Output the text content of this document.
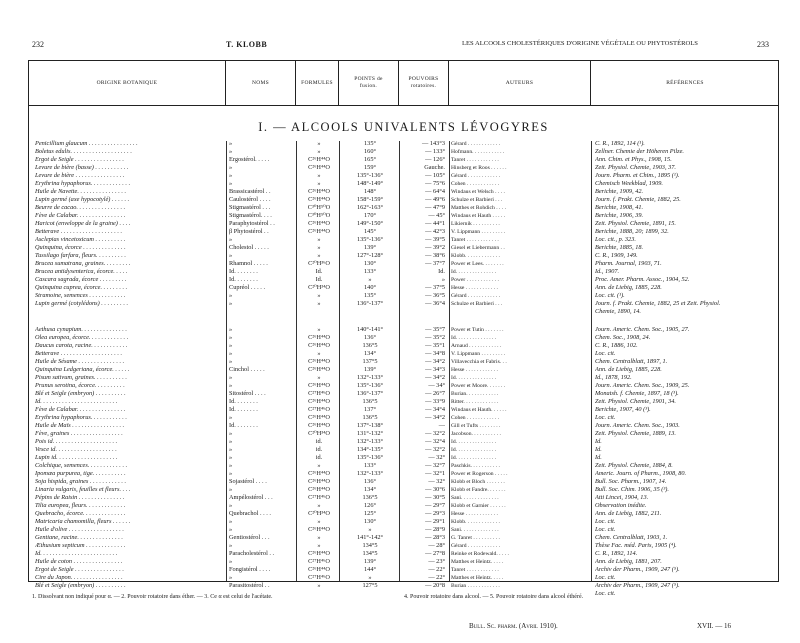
232	T. KLOBB	LES ALCOOLS CHOLESTÉRIQUES D'ORIGINE VÉGÉTALE OU PHYTOSTÉROLS	233
ORIGINE BOTANIQUE	NOMS	FORMULES
POINTS de fusion.
POUVOIRS rotatoires.
AUTEURS	RÉFÉRENCES
I. — ALCOOLS UNIVALENTS LÉVOGYRES
Penicillium glaucum . . . . . . . . . . . . . . . .	»	»	135°	— 143°3 Gérard . . . . . . . . . . . .	C. R., 1892, 114 (¹).
Boletus edulis. . . . . . . . . . . . . . . . . . . .	»	»	160°	— 133° Hofmann. . . . . . . . . . . .	Zellner. Chemie der Höheren Pilze.
Ergot de Seigle . . . . . . . . . . . . . . . .	Ergostérol. . . . .	C²⁶H⁴⁴O	165°	— 126° Tanret . . . . . . . . . . . .	Ann. Chim. et Phys., 1908, 15.
Levure de bière (basse) . . . . . . . . . . .	»	C²⁶H⁴⁴O	159°	Gauche. Hinsberg et Roos . . . . . .	Zeit. Physiol. Chemie, 1903, 37.
Levure de bière . . . . . . . . . . . . . . . .	»	»	135°-136°	— 105° Gérard . . . . . . . . . . . .	Journ. Pharm. et Chim., 1895 (¹).
Erythrina hypaphorus. . . . . . . . . . . . .	»	»	148°-149°	— 75°6 Cohen . . . . . . . . . . . .	Chemisch Weekblad, 1909.
Huile de Navette. . . . . . . . . . . . . . . .	Brassicastérol . .	C²⁶H⁴⁴O	148°	— 64°4 Windaus et Welsch . . . .	Berichte, 1909, 42.
Lupin germé (axe hypocotylé) . . . . . .	Caulostérol . . . .	C²⁶H⁴⁴O	158°-159°	— 49°6 Schulze et Barbieri . . .	Journ. f. Prakt. Chemie, 1882, 25.
Beurre de cacao. . . . . . . . . . . . . . . .	Stigmastérol . . .	C³⁰H⁵⁰O	162°-163°	— 47°9 Matthes et Rohdich . . . .	Berichte, 1908, 41.
Fève de Calabar. . . . . . . . . . . . . . . .	Stigmastérol. . . .	C³⁰H⁵⁰O	170°	— 45° Windaus et Hauth . . . . .	Berichte, 1906, 39.
Haricot (enveloppe de la graine) . . . .	Paraphytostérol . .	C²⁶H⁴⁴O	149°-150°	— 44°1 Likiernik . . . . . . . . . .	Zeit. Physiol. Chemie, 1891, 15.
Betterave . . . . . . . . . . . . . . . . . . . .	β Phytostérol . .	C²⁶H⁴⁴O	145°	— 42°3 V. Lippmann . . . . . . . . .	Berichte, 1888, 20; 1899, 32.
Asclepias vincetoxicum . . . . . . . . . .	»	»	135°-136°	— 39°5 Tanret . . . . . . . . . . . .	Loc. cit., p. 323.
Quinquina, écorce . . . . . . . . . . . . . .	Cholestol . . . . .	»	139°	— 39°2 Giesel et Liebermann . .	Berichte, 1885, 18.
Tussilago farfara, fleurs. . . . . . . . . .	»	»	127°-128°	— 38°6 Klobb. . . . . . . . . . . . .	C. R., 1909, 149.
Brucea sumatrana, graines. . . . . . . . .	Rhamnol . . . . .	C²⁰H³⁶O	130°	— 37°7 Power et Lees. . . . . . . .	Pharm. Journal, 1903, 71.
Brucea antidysenterica, écorce. . . . .	Id. . . . . . . .	Id.	133°	Id. Id. . . . . . . . . . . . . . .	Id., 1907.
Cascara sagrada, écorce . . . . . . . . .	Id. . . . . . . .	Id.	»	» Power . . . . . . . . . . . .	Proc. Amer. Pharm. Assoc., 1904, 52.
Quinquina cuprea, écorce. . . . . . . . .	Cupréol . . . . .	C²⁰H³⁴O	140°	— 37°5 Hesse . . . . . . . . . . . .	Ann. de Liebig, 1885, 228.
Stramoine, semences . . . . . . . . . . . .	»	»	135°	— 36°5 Gérard . . . . . . . . . . . .	Loc. cit. (¹).
Lupin germé (cotylédons) . . . . . . . . .	»	»	136°-137°	— 36°4 Schulze et Barbieri . . .	Journ. f. Prakt. Chemie, 1882, 25 et Zeit. Physiol.
Chemie, 1890, 14.
Aethusa cynapium. . . . . . . . . . . . . . .	»	»	140°-141°	— 35°7 Power et Tutin . . . . . . .	Journ. Americ. Chem. Soc., 1905, 27.
Olea europea, écorce. . . . . . . . . . . . .	»	C²⁶H⁴⁴O	136°	— 35°2 Id. . . . . . . . . . . . . . .	Chem. Soc., 1908, 24.
Daucus carota, racine. . . . . . . . . . . .	»	C²⁶H⁴⁴O	136°5	— 35°1 Arnaud . . . . . . . . . . . .	C. R., 1886, 102.
Betterave . . . . . . . . . . . . . . . . . . . .	»	»	134°	— 34°8 V. Lippmann . . . . . . . . .	Loc. cit.
Huile de Sésame . . . . . . . . . . . . . . .	»	C²⁶H⁴⁴O	137°5	— 34°2 Villavecchia et Fabris. . .	Chem. Centralblatt, 1897, 1.
Quinquina Ledgeriana, écorce. . . . . .	Cinchol . . . . .	C²⁶H⁴⁴O	139°	— 34°3 Hesse . . . . . . . . . . . .	Ann. de Liebig, 1885, 228.
Pisum sativum, graines. . . . . . . . . . .	»	»	132°-133°	— 34°2 Id. . . . . . . . . . . . . . .	Id., 1878, 192.
Prunus serotina, écorce. . . . . . . . . .	»	C²⁶H⁴⁴O	135°-136°	— 34° Power et Moore. . . . . . .	Journ. Americ. Chem. Soc., 1909, 25.
Blé et Seigle (embryon) . . . . . . . . . .	Sitostérol . . . .	C²⁷H⁴⁶O	136°-137°	— 26°7 Burian. . . . . . . . . . . .	Monatsh. f. Chemie, 1897, 18 (³).
Id. . . . . . . . . . . . . . . . . . . . . . . . .	Id. . . . . . . .	C²⁶H⁴⁴O	136°5	— 33°9 Ritter. . . . . . . . . . . . .	Zeit. Physiol. Chemie, 1901, 34.
Fève de Calabar. . . . . . . . . . . . . . . .	Id. . . . . . . .	C²⁷H⁴⁶O	137°	— 34°4 Windaus et Hauth. . . . . .	Berichte, 1907, 40 (³).
Erythrina hypaphorus. . . . . . . . . . . .	»	C²⁶H⁴⁴O	136°5	— 34°2 Cohen . . . . . . . . . . . .	Loc. cit.
Huile de Maïs . . . . . . . . . . . . . . . . .	Id. . . . . . . .	C²⁶H⁴⁴O	137°-138°	— Gill et Tufts . . . . . . . .	Journ. Americ. Chem. Soc., 1903.
Fève, graines . . . . . . . . . . . . . . . . .	»	C²⁰H³⁴O	131°-132°	— 32°2 Jacobson. . . . . . . . . . .	Zeit. Physiol. Chemie, 1889, 13.
Pois id. . . . . . . . . . . . . . . . . . . . .	»	id.	132°-133°	— 32°4 Id. . . . . . . . . . . . . . .	Id.
Vesce id. . . . . . . . . . . . . . . . . . . .	»	id.	134°-135°	— 32°2 Id. . . . . . . . . . . . . . .	Id.
Lupin id. . . . . . . . . . . . . . . . . . . .	»	id.	135°-136°	— 32° Id. . . . . . . . . . . . . . .	Id.
Colchique, semences. . . . . . . . . . . . .	»	»	133°	— 32°7 Paschkis. . . . . . . . . . .	Zeit. Physiol. Chemie, 1884, 8.
Ipomæa purpurea, tige. . . . . . . . . . .	»	C²⁶H⁴⁴O	132°-133°	— 32°1 Power et Rogerson . . . . .	Americ. Journ. of Pharm., 1908, 80.
Soja hispida, graines . . . . . . . . . . . .	Sojastérol . . . .	C²⁶H⁴⁴O	136°	— 32° Klobb et Bloch . . . . . . .	Bull. Soc. Pharm., 1907, 14.
Linaria vulgaris, feuilles et fleurs. . . .	»	C²⁶H⁴⁴O	134°	— 30°6 Klobb et Fandre. . . . . . .	Bull. Soc. Chim. 1906, 35 (³).
Pépins de Raisin . . . . . . . . . . . . . . .	Ampélostérol . . .	C²⁷H⁴⁶O	136°5	— 30°5 Sani. . . . . . . . . . . . . .	Atti Lincei, 1904, 13.
Tilia europea, fleurs. . . . . . . . . . . . .	»	»	126°	— 29°7 Klobb et Garnier . . . . . .	Observation inédite.
Quebracho, écorce. . . . . . . . . . . . . .	Quebrachol . . . .	C²⁰H³⁴O	125°	— 29°3 Hesse . . . . . . . . . . . .	Ann. de Liebig, 1882, 211.
Matricaria chamomilla, fleurs . . . . . .	»	»	130°	— 29°1 Klobb. . . . . . . . . . . . .	Loc. cit.
Huile d'olive . . . . . . . . . . . . . . . . . .	»	C²⁶H⁴⁴O	»	— 28°9 Sani. . . . . . . . . . . . . .	Loc. cit.
Gentiane, racine. . . . . . . . . . . . . . .	Gentiostérol . . .	»	141°-142°	— 28°3 G. Tanret . . . . . . . . . .	Chem. Centralblatt, 1903, 1.
Æthusium septicum . . . . . . . . . . . . .	»	»	134°5	— 28° Gérard . . . . . . . . . . . .	Thèse Fac. méd. Paris, 1905 (⁴).
Id. . . . . . . . . . . . . . . . . . . . . . . . .	Paracholestérol . .	C²⁶H⁴⁴O	134°5	— 27°8 Reinke et Rodewald. . . . .	C. R., 1892, 114.
Huile de coton . . . . . . . . . . . . . . . .	»	C²⁷H⁴⁶O	139°	— 23° Matthes et Heintz. . . . .	Ann. de Liebig, 1881, 207.
Ergot de Seigle . . . . . . . . . . . . . . . .	Fongistérol . . . .	C²⁶H⁴⁴O	144°	— 22° Tanret . . . . . . . . . . . .	Archiv der Pharm., 1909, 247 (⁵).
Cire du Japon. . . . . . . . . . . . . . . . .	»	C²⁷H⁴⁶O	»	— 22° Matthes et Heintz. . . . .	Loc. cit.
Blé et Seigle (embryon) . . . . . . . . . .	Parasitostérol . .	»	127°5	— 20°8 Burian . . . . . . . . . . . .	Archiv der Pharm., 1909, 247 (⁵).
Loc. cit.
1. Dissolvant non indiqué pour α. — 2. Pouvoir rotatoire dans éther. — 3. Ce α est celui de l'acétate.	4. Pouvoir rotatoire dans alcool. — 5. Pouvoir rotatoire dans alcool éthéré.
Bull. Sc. pharm. (Avril 1910).	XVII. — 16
